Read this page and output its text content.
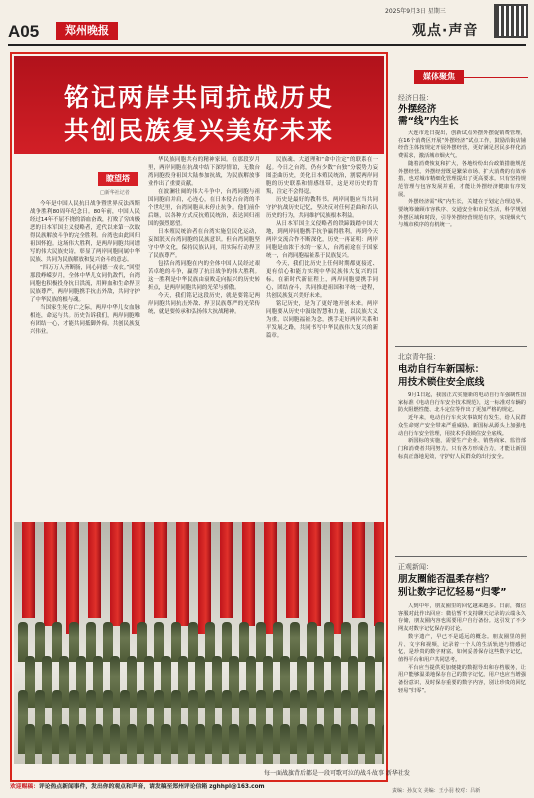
A05	郑州晚报
2025年9月3日 星期三
观点·声音
铭记两岸共同抗战历史
共创民族复兴美好未来
瞭望塔
□新华社记者

今年是中国人民抗日战争暨世界反法西斯战争胜利80周年纪念日。80年前，中国人民经过14年不屈不挠的浴血奋战，打败了穷凶极恶的日本军国主义侵略者，近代以来第一次取得民族解放斗争的完全胜利。台湾也由此回归祖国怀抱。这场伟大胜利，是两岸同胞共同谱写的伟大民族史诗，彰显了两岸同胞同属中华民族、共同为民族解放和复兴奋斗的意志。

“四万万人齐断肠，同心同德一戎衣。”回望那段峥嵘岁月，全体中华儿女同仇敌忾，台湾同胞也积极投身抗日洪流，用鲜血和生命捍卫民族尊严，两岸同胞携手抗击外敌，共同守护了中华民族的根与魂。

当国家生死存亡之际，两岸中华儿女血脉相连，命运与共。历史告诉我们，两岸同胞唯有团结一心，才能共同抵御外侮，共创民族复兴伟业。

华民族同胞共有的精神家园。在那段岁月里，两岸同胞在抗战中结下深厚情谊，无数台湾同胞投身祖国大陆参加抗战，为民族解放事业作出了重要贡献。

在波澜壮阔的伟大斗争中，台湾同胞与祖国同胞肩并肩，心连心，在日本侵占台湾的半个世纪里，台湾同胞从未停止抗争。他们前仆后继，以各种方式反抗殖民统治，表达回归祖国的强烈愿望。

日本殖民统治者在台湾实施皇民化运动，妄图泯灭台湾同胞的民族意识。但台湾同胞坚守中华文化，保持民族认同，用实际行动捍卫了民族尊严。

包括台湾同胞在内的全体中国人民经过艰苦卓绝的斗争，赢得了抗日战争的伟大胜利。这一胜利是中华民族由衰败走向振兴的历史转折点，是两岸同胞共同的光荣与骄傲。

今天，我们铭记这段历史，就是要铭记两岸同胞共同抗击外敌、捍卫民族尊严的光荣传统，就是要传承和弘扬伟大抗战精神。

民族魂、大道理和“命中注定”的联系在一起。今日之台湾，仍有少数“台独”分裂势力妄图歪曲历史，美化日本殖民统治，割裂两岸同胞的历史联系和情感纽带，这是对历史的背叛，注定不会得逞。

历史是最好的教科书。两岸同胞应当共同守护抗战历史记忆，坚决反对任何歪曲和否认历史的行为，共同维护民族根本利益。

从日本军国主义侵略者的铁蹄践踏中国大地，到两岸同胞携手抗争赢得胜利，再到今天两岸交流合作不断深化，历史一再证明：两岸同胞是血浓于水的一家人，台湾前途在于国家统一，台湾同胞福祉系于民族复兴。

今天，我们比历史上任何时期都更接近、更有信心和能力实现中华民族伟大复兴的目标。在新时代新征程上，两岸同胞要携手同心，团结奋斗，共同推进祖国和平统一进程，共创民族复兴美好未来。

铭记历史，是为了更好地开创未来。两岸同胞要从历史中汲取智慧和力量，以民族大义为重，以同胞福祉为念，携手走好两岸关系和平发展之路，共同书写中华民族伟大复兴的新篇章。

每一面战旗背后都是一段可歌可泣的战斗故事 新华社发
欢迎赐稿：评论热点新闻事件，发出你的观点和声音，请发稿至郑州评论信箱 zghhpl@163.com
媒体聚焦
经济日报：
外摆经济
需“线”内生长

大连市近日提出，创新试点外摆外摆促销费管理，在16个消费区开展“外摆经济”试点工作，鼓励沿街店铺经营主体按规定开展外摆经营，更好满足居民多样化消费需求，激活城市烟火气。

随着消费恢复和扩大，各地纷纷出台政策措施规范外摆经营。外摆经营既是繁荣市场、扩大消费的有效举措，也对城市精细化管理提出了更高要求。只有坚持规范管理与包容发展并重，才能让外摆经济健康有序发展。

外摆经济需“线”内生长，关键在于划定合理边界。要统筹兼顾市容秩序、交通安全和市民生活，科学规划外摆区域和时段，引导外摆经营规范有序，实现烟火气与城市秩序的有机统一。

北京青年报：
电动自行车新国标：
用技术锁住安全底线

9月1日起，我国正式实施新的电动自行车强制性国家标准《电动自行车安全技术规范》，这一标准对车辆的防火阻燃性能、北斗定位等作出了更加严格的规定。

近年来，电动自行车火灾事故时有发生，给人民群众生命财产安全带来严重威胁。新国标从源头上加强电动自行车安全管理，用技术手段锁住安全底线。

新国标的实施，需要生产企业、销售商家、监管部门和消费者共同努力。只有各方形成合力，才能让新国标真正落地见效，守护好人民群众的出行安全。

正观新闻：
朋友圈能否温柔存档？
别让数字记忆轻易“归零”

人到中年，朋友圈里的回忆越来越多。日前，微信客服对此作出回应：微信暂不支持聊天记录的云端永久存储，朋友圈内容也需要用户自行备份。这引发了不少网友对数字记忆保存的讨论。

数字遗产，早已不是遥远的概念。朋友圈里的照片、文字和视频，记录着一个人的生活轨迹与情感记忆，是珍贵的数字财富。如何妥善保存这些数字记忆，值得平台和用户共同思考。

平台应当提供更加便捷的数据导出和存档服务，让用户能够温柔地保存自己的数字记忆。用户也应当增强备份意识，及时保存重要的数字内容，别让珍贵的回忆轻易“归零”。

责编：孙友文 美编：王小羽 校对：吕新
